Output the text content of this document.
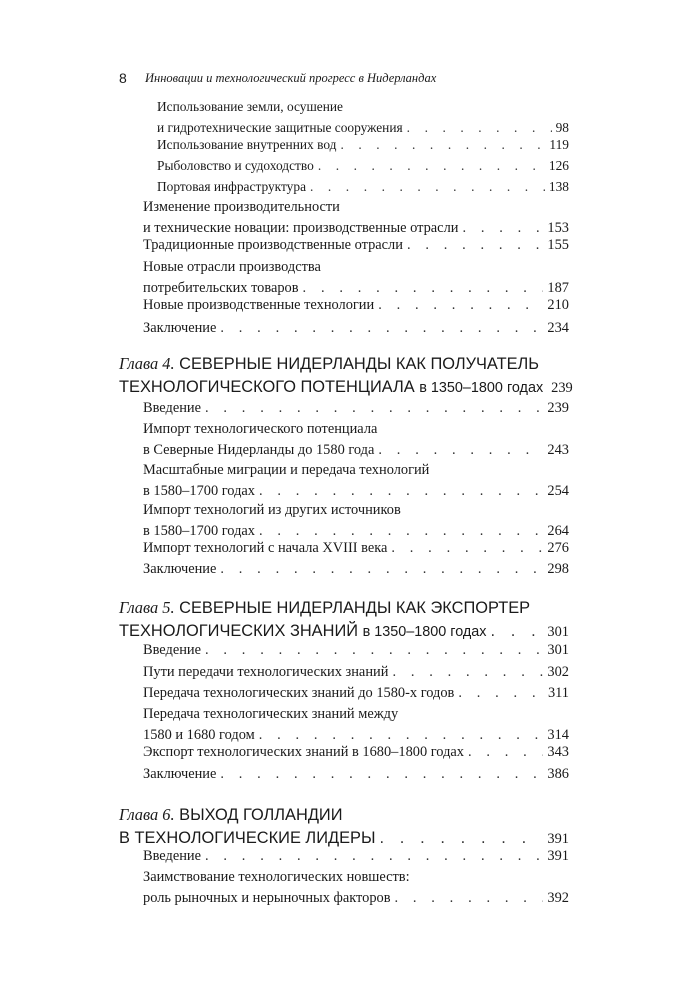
8 Инновации и технологический прогресс в Нидерландах
Использование земли, осушение
и гидротехнические защитные сооружения . . .	98
Использование внутренних вод . . .	119
Рыболовство и судоходство . . .	126
Портовая инфраструктура . . .	138
Изменение производительности
и технические новации: производственные отрасли . . .	153
Традиционные производственные отрасли . . .	155
Новые отрасли производства
потребительских товаров . . .	187
Новые производственные технологии . . .	210
Заключение . . .	234
Глава 4. СЕВЕРНЫЕ НИДЕРЛАНДЫ КАК ПОЛУЧАТЕЛЬ
ТЕХНОЛОГИЧЕСКОГО ПОТЕНЦИАЛА
в 1350–1800 годах 239
Введение . . .	239
Импорт технологического потенциала
в Северные Нидерланды до 1580 года . . .	243
Масштабные миграции и передача технологий
в 1580–1700 годах . . .	254
Импорт технологий из других источников
в 1580–1700 годах . . .	264
Импорт технологий с начала XVIII века . . .	276
Заключение . . .	298
Глава 5. СЕВЕРНЫЕ НИДЕРЛАНДЫ КАК ЭКСПОРТЕР
ТЕХНОЛОГИЧЕСКИХ ЗНАНИЙ
в 1350–1800 годах . . .	301
Введение . . .	301
Пути передачи технологических знаний . . .	302
Передача технологических знаний до 1580-х годов . . .	311
Передача технологических знаний между
1580 и 1680 годом . . .	314
Экспорт технологических знаний в 1680–1800 годах . . .	343
Заключение . . .	386
Глава 6. ВЫХОД ГОЛЛАНДИИ
В ТЕХНОЛОГИЧЕСКИЕ ЛИДЕРЫ . . .	391
Введение . . .	391
Заимствование технологических новшеств:
роль рыночных и нерыночных факторов . . .	392
